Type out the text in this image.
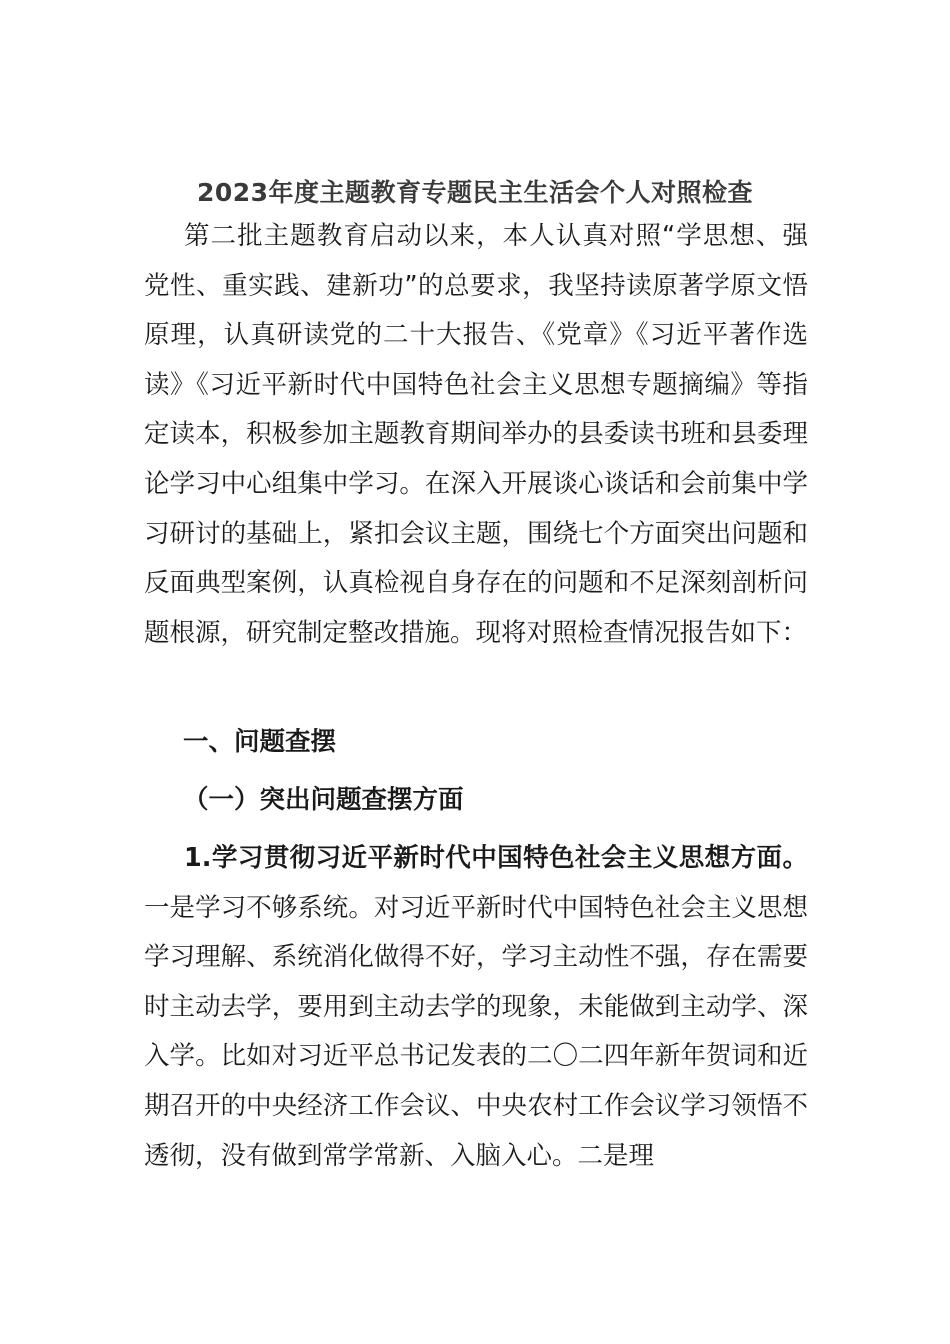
2023年度主题教育专题民主生活会个人对照检查

第二批主题教育启动以来，本人认真对照“学思想、强党性、重实践、建新功”的总要求，我坚持读原著学原文悟原理，认真研读党的二十大报告、《党章》《习近平著作选读》《习近平新时代中国特色社会主义思想专题摘编》等指定读本，积极参加主题教育期间举办的县委读书班和县委理论学习中心组集中学习。在深入开展谈心谈话和会前集中学习研讨的基础上，紧扣会议主题，围绕七个方面突出问题和反面典型案例，认真检视自身存在的问题和不足深刻剖析问题根源，研究制定整改措施。现将对照检查情况报告如下：

一、问题查摆
（一）突出问题查摆方面

1.学习贯彻习近平新时代中国特色社会主义思想方面。一是学习不够系统。对习近平新时代中国特色社会主义思想学习理解、系统消化做得不好，学习主动性不强，存在需要时主动去学，要用到主动去学的现象，未能做到主动学、深入学。比如对习近平总书记发表的二〇二四年新年贺词和近期召开的中央经济工作会议、中央农村工作会议学习领悟不透彻，没有做到常学常新、入脑入心。二是理
